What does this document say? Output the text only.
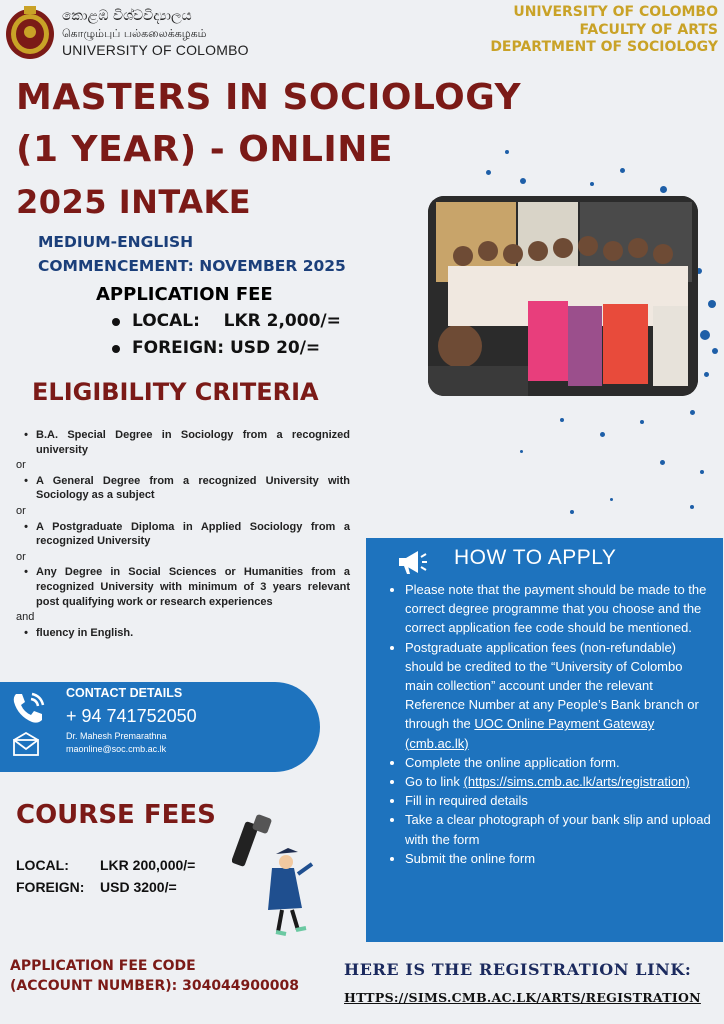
කොළඹ විශ්වවිද්‍යාලය
கொழும்புப் பல்கலைக்கழகம்
UNIVERSITY OF COLOMBO
UNIVERSITY OF COLOMBO
FACULTY OF ARTS
DEPARTMENT OF SOCIOLOGY
MASTERS IN SOCIOLOGY
(1 YEAR) - ONLINE
2025 INTAKE
MEDIUM-ENGLISH
COMMENCEMENT: NOVEMBER 2025
APPLICATION FEE
LOCAL:    LKR 2,000/=
FOREIGN: USD 20/=
ELIGIBILITY CRITERIA
• B.A. Special Degree in Sociology from a recognized university
or
• A General Degree from a recognized University with Sociology as a subject
or
• A Postgraduate Diploma in Applied Sociology from a recognized University
or
• Any Degree in Social Sciences or Humanities from a recognized University with minimum of 3 years relevant post qualifying work or research experiences
and
• fluency in English.
CONTACT DETAILS
+ 94 741752050
Dr. Mahesh Premarathna
maonline@soc.cmb.ac.lk
COURSE FEES
LOCAL:	LKR 200,000/=
FOREIGN:	USD 3200/=
APPLICATION FEE CODE
(ACCOUNT NUMBER): 304044900008
HOW TO APPLY
• Please note that the payment should be made to the correct degree programme that you choose and the correct application fee code should be mentioned.
• Postgraduate application fees (non-refundable) should be credited to the “University of Colombo main collection” account under the relevant Reference Number at any People’s Bank branch or through the UOC Online Payment Gateway (cmb.ac.lk)
• Complete the online application form.
• Go to link (https://sims.cmb.ac.lk/arts/registration)
• Fill in required details
• Take a clear photograph of your bank slip and upload with the form
• Submit the online form
HERE IS THE REGISTRATION LINK:
HTTPS://SIMS.CMB.AC.LK/ARTS/REGISTRATION
